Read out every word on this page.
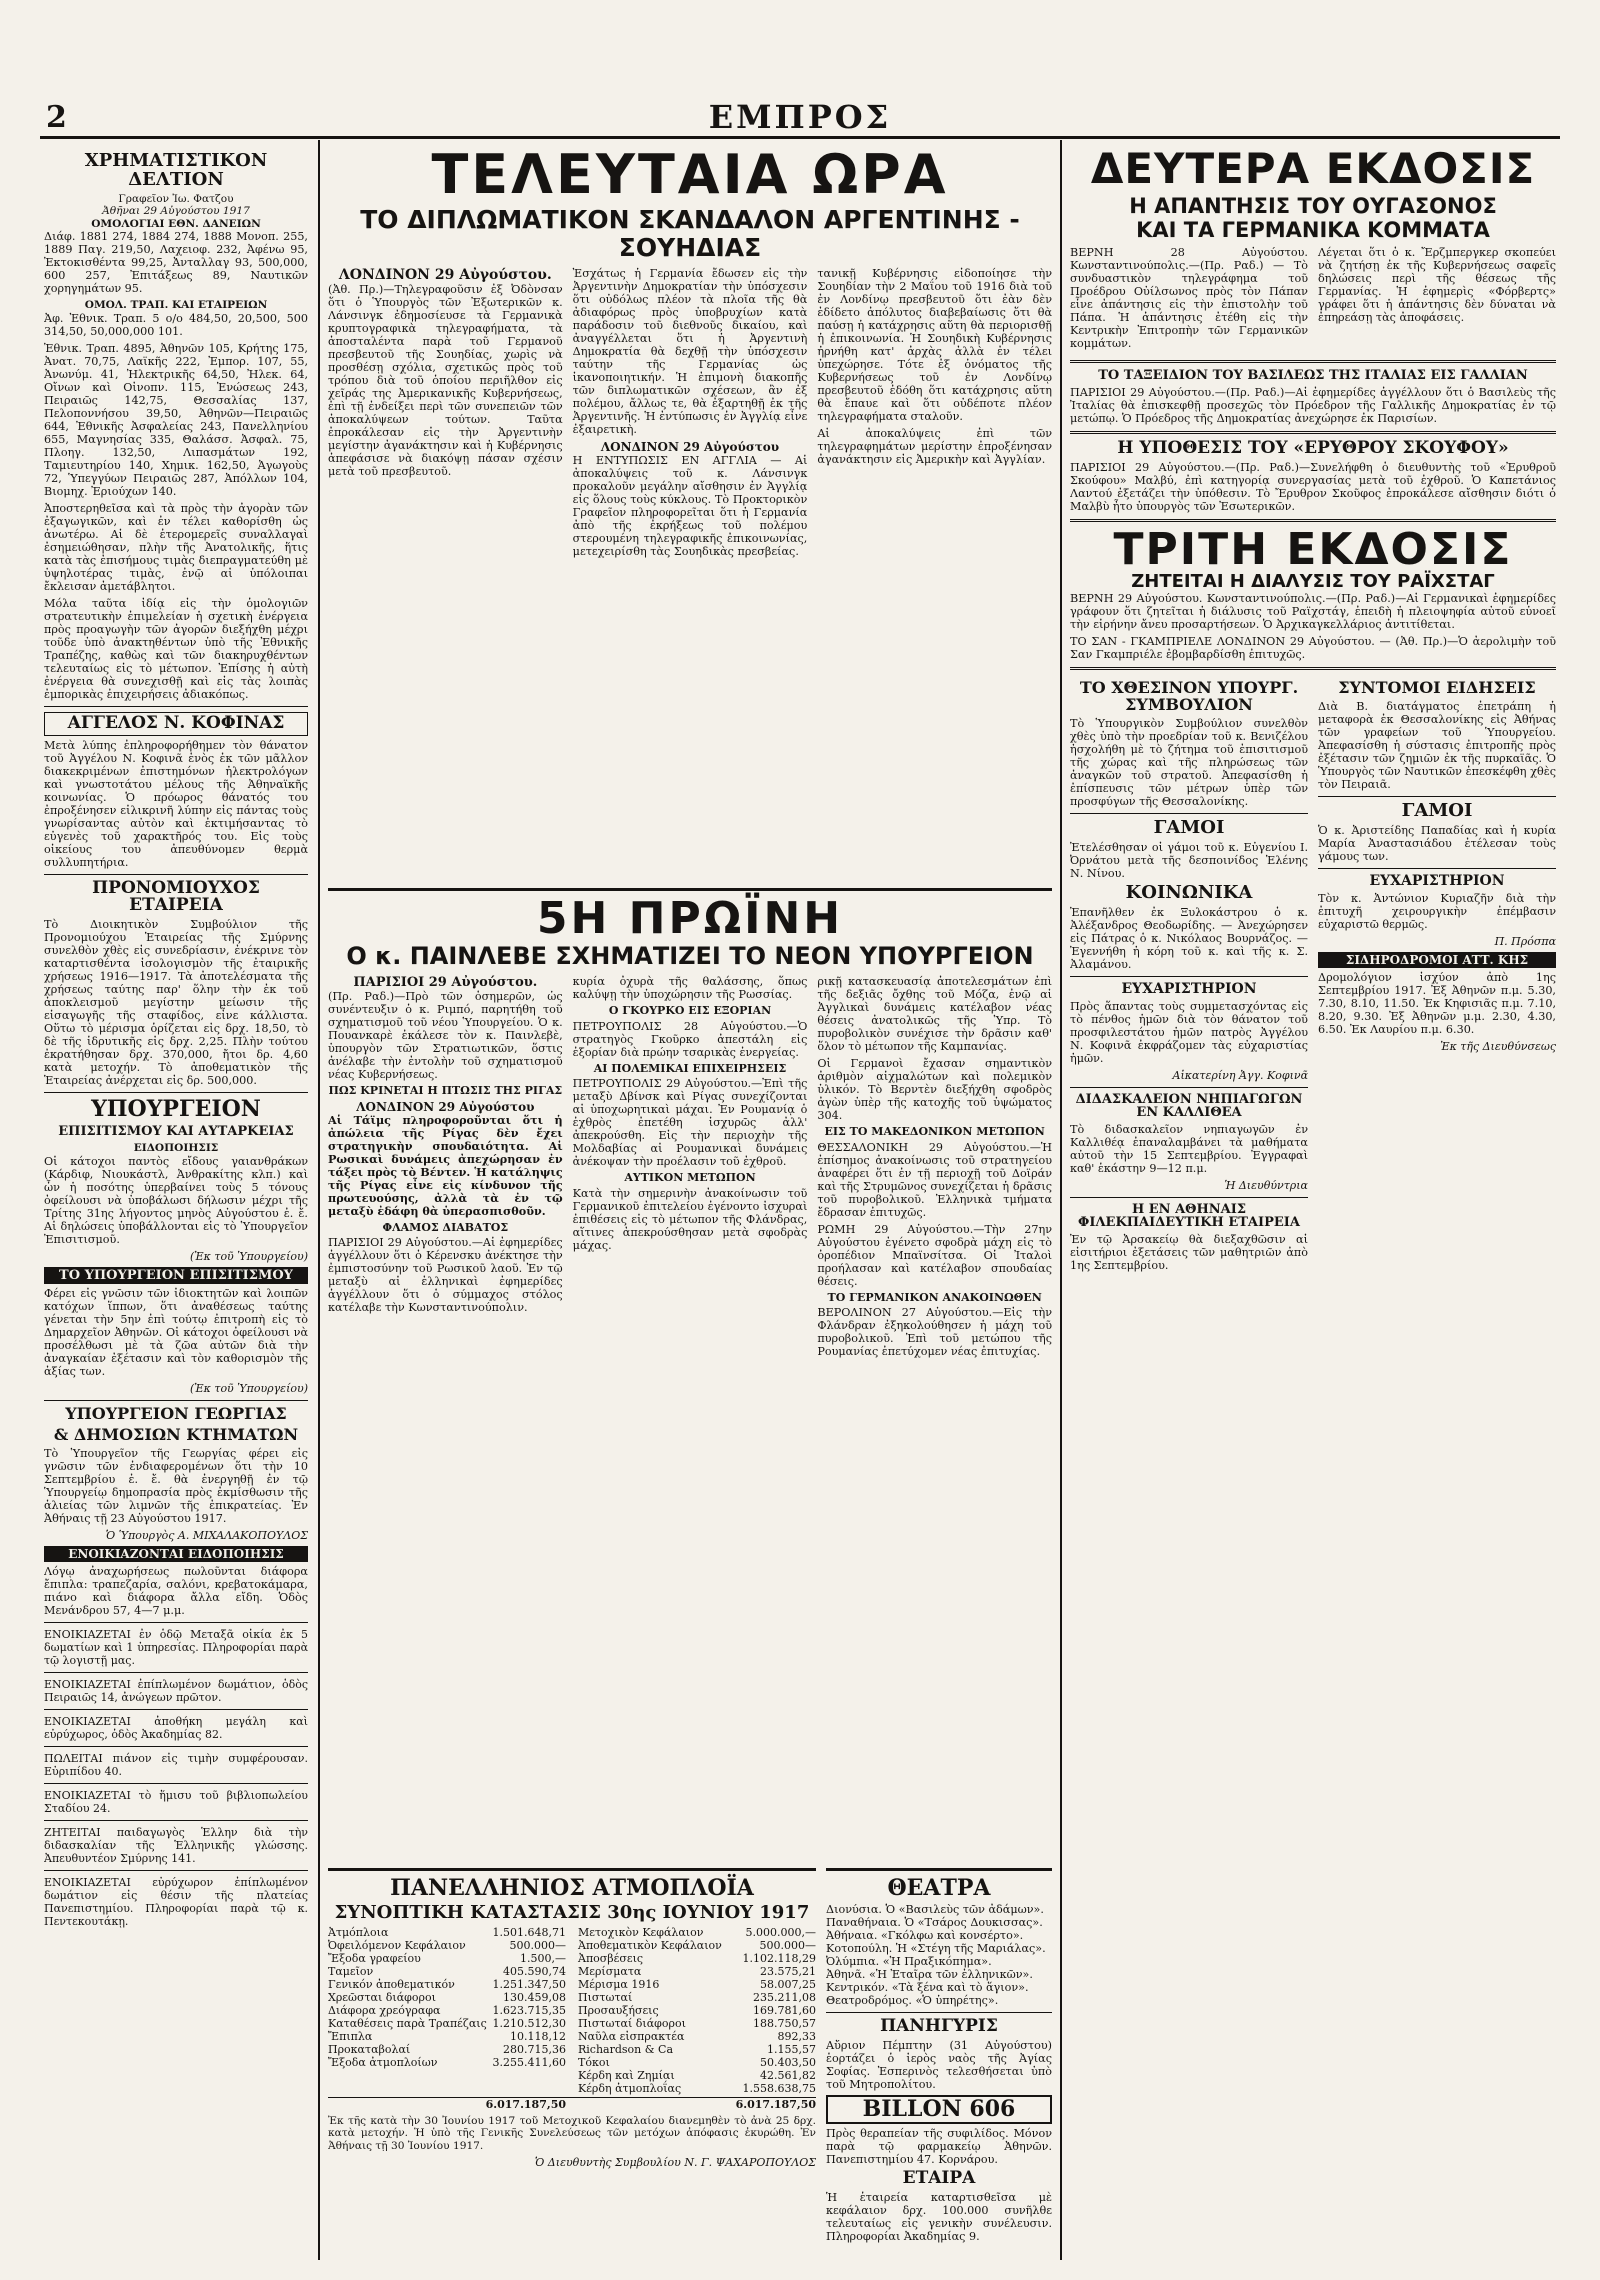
2	ΕΜΠΡΟΣ
ΧΡΗΜΑΤΙΣΤΙΚΟΝ ΔΕΛΤΙΟΝ
Γραφεῖον Ἰω. Φατζου
Ἀθῆναι 29 Αὐγούστου 1917
ΟΜΟΛΟΓΙΑΙ ΕΘΝ. ΔΑΝΕΙΩΝ

Διάφ. 1881 274, 1884 274, 1888 Μονοπ. 255, 1889 Παγ. 219,50, Λαχειοφ. 232, Ἀφένω 95, Ἐκτοκισθέντα 99,25, Ἀνταλλαγ 93, 500,000, 600 257, Ἐπιτάξεως 89, Ναυτικῶν χορηγημάτων 95.

ΟΜΟΛ. ΤΡΑΠ. ΚΑΙ ΕΤΑΙΡΕΙΩΝ

Ἀφ. Ἐθνικ. Τραπ. 5 ο/ο 484,50, 20,500, 500 314,50, 50,000,000 101.

Ἐθνικ. Τραπ. 4895, Ἀθηνῶν 105, Κρήτης 175, Ἀνατ. 70,75, Λαϊκῆς 222, Ἐμπορ. 107, 55, Ἀνωνύμ. 41, Ἠλεκτρικῆς 64,50, Ἠλεκ. 64, Οἴνων καὶ Οἰνοπν. 115, Ἑνώσεως 243, Πειραιῶς 142,75, Θεσσαλίας 137, Πελοποννήσου 39,50, Ἀθηνῶν—Πειραιῶς 644, Ἐθνικῆς Ἀσφαλείας 243, Πανελληνίου 655, Μαγνησίας 335, Θαλάσσ. Ἀσφαλ. 75, Πλοηγ. 132,50, Λιπασμάτων 192, Ταμιευτηρίου 140, Χημικ. 162,50, Ἀγωγοὺς 72, Ὑπεγγύων Πειραιῶς 287, Ἀπόλλων 104, Βιομηχ. Ἐριούχων 140.

Ἀποστερηθεῖσα καὶ τὰ πρὸς τὴν ἀγορὰν τῶν ἐξαγωγικῶν, καὶ ἐν τέλει καθορίσθη ὡς ἀνωτέρω. Αἱ δὲ ἐτερομερεῖς συναλλαγαὶ ἐσημειώθησαν, πλὴν τῆς Ἀνατολικῆς, ἥτις κατὰ τὰς ἐπισήμους τιμὰς διεπραγματεύθη μὲ ὑψηλοτέρας τιμὰς, ἐνῷ αἱ ὑπόλοιπαι ἔκλεισαν ἀμετάβλητοι.

Μόλα ταῦτα ἰδίᾳ εἰς τὴν ὁμολογιῶν στρατευτικὴν ἐπιμελείαν ἡ σχετικὴ ἐνέργεια πρὸς προαγωγὴν τῶν ἀγορῶν διεξήχθη μέχρι τοῦδε ὑπὸ ἀνακτηθέντων ὑπὸ τῆς Ἐθνικῆς Τραπέζης, καθὼς καὶ τῶν διακηρυχθέντων τελευταίως εἰς τὸ μέτωπον. Ἐπίσης ἡ αὐτὴ ἐνέργεια θὰ συνεχισθῇ καὶ εἰς τὰς λοιπὰς ἐμπορικὰς ἐπιχειρήσεις ἀδιακόπως.

ΑΓΓΕΛΟΣ Ν. ΚΟΦΙΝΑΣ

Μετὰ λύπης ἐπληροφορήθημεν τὸν θάνατον τοῦ Ἀγγέλου Ν. Κοφινᾶ ἑνὸς ἐκ τῶν μᾶλλον διακεκριμένων ἐπιστημόνων ἠλεκτρολόγων καὶ γνωστοτάτου μέλους τῆς Ἀθηναϊκῆς κοινωνίας. Ὁ πρόωρος θάνατός του ἐπροξένησεν εἰλικρινῆ λύπην εἰς πάντας τοὺς γνωρίσαντας αὐτὸν καὶ ἐκτιμήσαντας τὸ εὐγενὲς τοῦ χαρακτῆρός του. Εἰς τοὺς οἰκείους του ἀπευθύνομεν θερμὰ συλλυπητήρια.

ΠΡΟΝΟΜΙΟΥΧΟΣ ΕΤΑΙΡΕΙΑ

Τὸ Διοικητικὸν Συμβούλιον τῆς Προνομιούχου Ἑταιρείας τῆς Σμύρνης συνελθὸν χθὲς εἰς συνεδρίασιν, ἐνέκρινε τὸν καταρτισθέντα ἰσολογισμὸν τῆς ἐταιρικῆς χρήσεως 1916—1917. Τὰ ἀποτελέσματα τῆς χρήσεως ταύτης παρ' ὅλην τὴν ἐκ τοῦ ἀποκλεισμοῦ μεγίστην μείωσιν τῆς εἰσαγωγῆς τῆς σταφίδος, εἶνε κάλλιστα. Οὕτω τὸ μέρισμα ὁρίζεται εἰς δρχ. 18,50, τὸ δὲ τῆς ἱδρυτικῆς εἰς δρχ. 2,25. Πλὴν τούτου ἐκρατήθησαν δρχ. 370,000, ἤτοι δρ. 4,60 κατὰ μετοχήν. Τὸ ἀποθεματικὸν τῆς Ἑταιρείας ἀνέρχεται εἰς δρ. 500,000.

ΥΠΟΥΡΓΕΙΟΝ
ΕΠΙΣΙΤΙΣΜΟΥ ΚΑΙ ΑΥΤΑΡΚΕΙΑΣ
ΕΙΔΟΠΟΙΗΣΙΣ

Οἱ κάτοχοι παντὸς εἴδους γαιανθράκων (Κάρδιφ, Νιουκάστλ, Ἀνθρακίτης κλπ.) καὶ ὧν ἡ ποσότης ὑπερβαίνει τοὺς 5 τόνους ὀφείλουσι νὰ ὑποβάλωσι δήλωσιν μέχρι τῆς Τρίτης 31ης λήγοντος μηνὸς Αὐγούστου ἐ. ἔ. Αἱ δηλώσεις ὑποβάλλονται εἰς τὸ Ὑπουργεῖον Ἐπισιτισμοῦ.

(Ἐκ τοῦ Ὑπουργείου)
ΤΟ ΥΠΟΥΡΓΕΙΟΝ ΕΠΙΣΙΤΙΣΜΟΥ

Φέρει εἰς γνῶσιν τῶν ἰδιοκτητῶν καὶ λοιπῶν κατόχων ἵππων, ὅτι ἀναθέσεως ταύτης γένεται τὴν 5ην ἐπὶ τούτῳ ἐπιτροπὴ εἰς τὸ Δημαρχεῖον Ἀθηνῶν. Οἱ κάτοχοι ὀφείλουσι νὰ προσέλθωσι μὲ τὰ ζῶα αὐτῶν διὰ τὴν ἀναγκαίαν ἐξέτασιν καὶ τὸν καθορισμὸν τῆς ἀξίας των.

(Ἐκ τοῦ Ὑπουργείου)
ΥΠΟΥΡΓΕΙΟΝ ΓΕΩΡΓΙΑΣ
& ΔΗΜΟΣΙΩΝ ΚΤΗΜΑΤΩΝ

Τὸ Ὑπουργεῖον τῆς Γεωργίας φέρει εἰς γνῶσιν τῶν ἐνδιαφερομένων ὅτι τὴν 10 Σεπτεμβρίου ἐ. ἔ. θὰ ἐνεργηθῇ ἐν τῷ Ὑπουργείῳ δημοπρασία πρὸς ἐκμίσθωσιν τῆς ἁλιείας τῶν λιμνῶν τῆς ἐπικρατείας. Ἐν Ἀθήναις τῇ 23 Αὐγούστου 1917.

Ὁ Ὑπουργὸς Α. ΜΙΧΑΛΑΚΟΠΟΥΛΟΣ
ΕΝΟΙΚΙΑΖΟΝΤΑΙ ΕΙΔΟΠΟΙΗΣΙΣ

Λόγῳ ἀναχωρήσεως πωλοῦνται διάφορα ἔπιπλα: τραπεζαρία, σαλόνι, κρεβατοκάμαρα, πιάνο καὶ διάφορα ἄλλα εἴδη. Ὁδὸς Μενάνδρου 57, 4—7 μ.μ.

ΕΝΟΙΚΙΑΖΕΤΑΙ ἐν ὁδῷ Μεταξᾶ οἰκία ἐκ 5 δωματίων καὶ 1 ὑπηρεσίας. Πληροφορίαι παρὰ τῷ λογιστῇ μας.

ΕΝΟΙΚΙΑΖΕΤΑΙ ἐπίπλωμένον δωμάτιον, ὁδὸς Πειραιῶς 14, ἀνώγεων πρῶτον.

ΕΝΟΙΚΙΑΖΕΤΑΙ ἀποθήκη μεγάλη καὶ εὐρύχωρος, ὁδὸς Ἀκαδημίας 82.

ΠΩΛΕΙΤΑΙ πιάνον εἰς τιμὴν συμφέρουσαν. Εὐριπίδου 40.

ΕΝΟΙΚΙΑΖΕΤΑΙ τὸ ἥμισυ τοῦ βιβλιοπωλείου Σταδίου 24.

ΖΗΤΕΙΤΑΙ παιδαγωγὸς Ἑλλην διὰ τὴν διδασκαλίαν τῆς Ἑλληνικῆς γλώσσης. Ἀπευθυντέον Σμύρνης 141.

ΕΝΟΙΚΙΑΖΕΤΑΙ εὐρύχωρον ἐπίπλωμένον δωμάτιον εἰς θέσιν τῆς πλατείας Πανεπιστημίου. Πληροφορίαι παρὰ τῷ κ. Πεντεκουτάκῃ.

ΤΕΛΕΥΤΑΙΑ ΩΡΑ
ΤΟ ΔΙΠΛΩΜΑΤΙΚΟΝ ΣΚΑΝΔΑΛΟΝ ΑΡΓΕΝΤΙΝΗΣ - ΣΟΥΗΔΙΑΣ
ΛΟΝΔΙΝΟΝ 29 Αὐγούστου.

(Ἀθ. Πρ.)—Τηλεγραφοῦσιν ἐξ Ὀδὸνσαν ὅτι ὁ Ὑπουργὸς τῶν Ἐξωτερικῶν κ. Λάνσινγκ ἐδημοσίευσε τὰ Γερμανικὰ κρυπτογραφικὰ τηλεγραφήματα, τὰ ἀποσταλέντα παρὰ τοῦ Γερμανοῦ πρεσβευτοῦ τῆς Σουηδίας, χωρὶς νὰ προσθέσῃ σχόλια, σχετικῶς πρὸς τοῦ τρόπου διὰ τοῦ ὁποίου περιῆλθον εἰς χεῖράς της Ἀμερικανικῆς Κυβερνήσεως, ἐπὶ τῇ ἐνδείξει περὶ τῶν συνεπειῶν τῶν ἀποκαλύψεων τούτων. Ταῦτα ἐπροκάλεσαν εἰς τὴν Ἀργεντινὴν μεγίστην ἀγανάκτησιν καὶ ἡ Κυβέρνησις ἀπεφάσισε νὰ διακόψῃ πάσαν σχέσιν μετὰ τοῦ πρεσβευτοῦ.

Ἐσχάτως ἡ Γερμανία ἔδωσεν εἰς τὴν Ἀργεντινὴν Δημοκρατίαν τὴν ὑπόσχεσιν ὅτι οὐδόλως πλέον τὰ πλοῖα τῆς θὰ ἀδιαφόρως πρὸς ὑποβρυχίων κατὰ παράδοσιν τοῦ διεθνοῦς δικαίου, καὶ ἀναγγέλλεται ὅτι ἡ Ἀργεντινὴ Δημοκρατία θὰ δεχθῇ τὴν ὑπόσχεσιν ταύτην τῆς Γερμανίας ὡς ἱκανοποιητικήν. Ἡ ἐπιμονὴ διακοπῆς τῶν διπλωματικῶν σχέσεων, ἂν ἐξ πολέμου, ἄλλως τε, θὰ ἐξαρτηθῇ ἐκ τῆς Ἀργεντινῆς. Ἡ ἐντύπωσις ἐν Ἀγγλίᾳ εἶνε ἐξαιρετικὴ.

ΛΟΝΔΙΝΟΝ 29 Αὐγούστου

Η ΕΝΤΥΠΩΣΙΣ ΕΝ ΑΓΓΛΙΑ — Αἱ ἀποκαλύψεις τοῦ κ. Λάνσινγκ προκαλοῦν μεγάλην αἴσθησιν ἐν Ἀγγλίᾳ εἰς ὅλους τοὺς κύκλους. Τὸ Προκτορικὸν Γραφεῖον πληροφορεῖται ὅτι ἡ Γερμανία ἀπὸ τῆς ἐκρήξεως τοῦ πολέμου στερουμένη τηλεγραφικῆς ἐπικοινωνίας, μετεχειρίσθη τὰς Σουηδικὰς πρεσβείας.

τανικῇ Κυβέρνησις εἰδοποίησε τὴν Σουηδίαν τὴν 2 Μαΐου τοῦ 1916 διὰ τοῦ ἐν Λονδίνῳ πρεσβευτοῦ ὅτι ἐὰν δὲν ἐδίδετο ἀπόλυτος διαβεβαίωσις ὅτι θὰ παύσῃ ἡ κατάχρησις αὕτη θὰ περιορισθῇ ἡ ἐπικοινωνία. Ἡ Σουηδικὴ Κυβέρνησις ἠρνήθη κατ' ἀρχὰς ἀλλὰ ἐν τέλει ὑπεχώρησε. Τότε ἐξ ὀνόματος τῆς Κυβερνήσεως τοῦ ἐν Λονδίνῳ πρεσβευτοῦ ἐδόθη ὅτι κατάχρησις αὕτη θὰ ἔπαυε καὶ ὅτι οὐδέποτε πλέον τηλεγραφήματα σταλοῦν.

Αἱ ἀποκαλύψεις ἐπὶ τῶν τηλεγραφημάτων μερίστην ἐπροξένησαν ἀγανάκτησιν εἰς Ἀμερικὴν καὶ Ἀγγλίαν.

5Η ΠΡΩΪΝΗ
Ο κ. ΠΑΙΝΛΕΒΕ ΣΧΗΜΑΤΙΖΕΙ ΤΟ ΝΕΟΝ ΥΠΟΥΡΓΕΙΟΝ
ΠΑΡΙΣΙΟΙ 29 Αὐγούστου.

(Πρ. Ραδ.)—Πρὸ τῶν ὁσημερῶν, ὡς συνέντευξιν ὁ κ. Ριμπό, παρητήθη τοῦ σχηματισμοῦ τοῦ νέου Ὑπουργείου. Ὁ κ. Πουανκαρὲ ἐκάλεσε τὸν κ. Παινλεβὲ, ὑπουργὸν τῶν Στρατιωτικῶν, ὅστις ἀνέλαβε τὴν ἐντολὴν τοῦ σχηματισμοῦ νέας Κυβερνήσεως.

ΠΩΣ ΚΡΙΝΕΤΑΙ Η ΠΤΩΣΙΣ ΤΗΣ ΡΙΓΑΣ
ΛΟΝΔΙΝΟΝ 29 Αὐγούστου

Αἱ Τάϊμς πληροφοροῦνται ὅτι ἡ ἀπώλεια τῆς Ρίγας δὲν ἔχει στρατηγικὴν σπουδαιότητα. Αἱ Ρωσικαὶ δυνάμεις ἀπεχώρησαν ἐν τάξει πρὸς τὸ Βέντεν. Ἡ κατάληψις τῆς Ρίγας εἶνε εἰς κίνδυνον τῆς πρωτευούσης, ἀλλὰ τὰ ἐν τῷ μεταξὺ ἐδάφη θὰ ὑπερασπισθοῦν.

ΦΛΑΜΟΣ ΔΙΑΒΑΤΟΣ

ΠΑΡΙΣΙΟΙ 29 Αὐγούστου.—Αἱ ἐφημερίδες ἀγγέλλουν ὅτι ὁ Κέρενσκυ ἀνέκτησε τὴν ἐμπιστοσύνην τοῦ Ρωσικοῦ λαοῦ. Ἐν τῷ μεταξὺ αἱ ἑλληνικαὶ ἐφημερίδες ἀγγέλλουν ὅτι ὁ σύμμαχος στόλος κατέλαβε τὴν Κωνσταντινούπολιν.

κυρία ὀχυρὰ τῆς θαλάσσης, ὅπως καλύψῃ τὴν ὑποχώρησιν τῆς Ρωσσίας.

Ο ΓΚΟΥΡΚΟ ΕΙΣ ΕΞΟΡΙΑΝ

ΠΕΤΡΟΥΠΟΛΙΣ 28 Αὐγούστου.—Ὁ στρατηγὸς Γκοῦρκο ἀπεστάλη εἰς ἐξορίαν διὰ πρώην τσαρικὰς ἐνεργείας.

ΑΙ ΠΟΛΕΜΙΚΑΙ ΕΠΙΧΕΙΡΗΣΕΙΣ

ΠΕΤΡΟΥΠΟΛΙΣ 29 Αὐγούστου.—Ἐπὶ τῆς μεταξὺ Δβίνσκ καὶ Ρίγας συνεχίζονται αἱ ὑποχωρητικαὶ μάχαι. Ἐν Ρουμανίᾳ ὁ ἐχθρὸς ἐπετέθη ἰσχυρῶς ἀλλ' ἀπεκρούσθη. Εἰς τὴν περιοχὴν τῆς Μολδαβίας αἱ Ρουμανικαὶ δυνάμεις ἀνέκοψαν τὴν προέλασιν τοῦ ἐχθροῦ.

ΑΥΤΙΚΟΝ ΜΕΤΩΠΟΝ

Κατὰ τὴν σημερινὴν ἀνακοίνωσιν τοῦ Γερμανικοῦ ἐπιτελείου ἐγένοντο ἰσχυραὶ ἐπιθέσεις εἰς τὸ μέτωπον τῆς Φλάνδρας, αἵτινες ἀπεκρούσθησαν μετὰ σφοδρὰς μάχας.

ρικῇ κατασκευασίᾳ ἀποτελεσμάτων ἐπὶ τῆς δεξιᾶς ὄχθης τοῦ Μόζα, ἐνῷ αἱ Ἀγγλικαὶ δυνάμεις κατέλαβον νέας θέσεις ἀνατολικῶς τῆς Ὑπρ. Τὸ πυροβολικὸν συνέχισε τὴν δρᾶσιν καθ' ὅλον τὸ μέτωπον τῆς Καμπανίας.

Οἱ Γερμανοὶ ἔχασαν σημαντικὸν ἀριθμὸν αἰχμαλώτων καὶ πολεμικὸν ὑλικόν. Τὸ Βερντὲν διεξήχθη σφοδρὸς ἀγὼν ὑπὲρ τῆς κατοχῆς τοῦ ὑψώματος 304.

ΕΙΣ ΤΟ ΜΑΚΕΔΟΝΙΚΟΝ ΜΕΤΩΠΟΝ

ΘΕΣΣΑΛΟΝΙΚΗ 29 Αὐγούστου.—Ἡ ἐπίσημος ἀνακοίνωσις τοῦ στρατηγείου ἀναφέρει ὅτι ἐν τῇ περιοχῇ τοῦ Δοϊράν καὶ τῆς Στρυμῶνος συνεχίζεται ἡ δρᾶσις τοῦ πυροβολικοῦ. Ἐλληνικὰ τμήματα ἔδρασαν ἐπιτυχῶς.

ΡΩΜΗ 29 Αὐγούστου.—Τὴν 27ην Αὐγούστου ἐγένετο σφοδρὰ μάχη εἰς τὸ ὀροπέδιον Μπαϊνσίτσα. Οἱ Ἰταλοὶ προήλασαν καὶ κατέλαβον σπουδαίας θέσεις.

ΤΟ ΓΕΡΜΑΝΙΚΟΝ ΑΝΑΚΟΙΝΩΘΕΝ

ΒΕΡΟΛΙΝΟΝ 27 Αὐγούστου.—Εἰς τὴν Φλάνδραν ἐξηκολούθησεν ἡ μάχη τοῦ πυροβολικοῦ. Ἐπὶ τοῦ μετώπου τῆς Ρουμανίας ἐπετύχομεν νέας ἐπιτυχίας.

ΠΑΝΕΛΛΗΝΙΟΣ ΑΤΜΟΠΛΟΪΑ
ΣΥΝΟΠΤΙΚΗ ΚΑΤΑΣΤΑΣΙΣ 30ης ΙΟΥΝΙΟΥ 1917
Ἀτμόπλοια	1.501.648,71
Ὀφειλόμενον Κεφάλαιον	500.000—
Ἔξοδα γραφείου	1.500,—
Ταμεῖον	405.590,74
Γενικόν ἀποθεματικόν	1.251.347,50
Χρεῶσται διάφοροι	130.459,08
Διάφορα χρεόγραφα	1.623.715,35
Καταθέσεις παρὰ Τραπέζαις 1.210.512,30
Ἔπιπλα	10.118,12
Προκαταβολαί	280.715,36
Ἔξοδα ἀτμοπλοίων	3.255.411,60
Μετοχικὸν Κεφάλαιον	5.000.000,—
Ἀποθεματικὸν Κεφάλαιον	500.000—
Ἀποσβέσεις	1.102.118,29
Μερίσματα	23.575,21
Μέρισμα 1916	58.007,25
Πιστωταί	235.211,08
Προσαυξήσεις	169.781,60
Πιστωταί διάφοροι	188.750,57
Ναῦλα εἰσπρακτέα	892,33
Richardson & Ca	1.155,57
Τόκοι	50.403,50
Κέρδη καὶ Ζημίαι	42.561,82
Κέρδη ἀτμοπλοΐας	1.558.638,75
6.017.187,50	6.017.187,50

Ἐκ τῆς κατὰ τὴν 30 Ἰουνίου 1917 τοῦ Μετοχικοῦ Κεφαλαίου διανεμηθὲν τὸ ἀνὰ 25 δρχ. κατὰ μετοχήν. Ἡ ὑπὸ τῆς Γενικῆς Συνελεύσεως τῶν μετόχων ἀπόφασις ἐκυρώθη. Ἐν Ἀθήναις τῇ 30 Ἰουνίου 1917.

Ὁ Διευθυντὴς Συμβουλίου Ν. Γ. ΨΑΧΑΡΟΠΟΥΛΟΣ
ΘΕΑΤΡΑ

Διονύσια. Ὁ «Βασιλεὺς τῶν ἀδάμων».

Παναθήναια. Ὁ «Τσάρος Δουκισσας».

Ἀθήναια. «Γκόλφω καὶ κονσέρτο».

Κοτοπούλη. Ἡ «Στέγη τῆς Μαριάλας».

Ὀλύμπια. «Ἡ Πραξικόπημα».

Ἀθηνᾶ. «Ἡ Ἐταῖρα τῶν ἑλληνικῶν».

Κεντρικόν. «Τὰ ξένα καὶ τὸ ἅγιον».

Θεατροδρόμος. «Ὁ ὑπηρέτης».

ΠΑΝΗΓΥΡΙΣ

Αὔριον Πέμπτην (31 Αὐγούστου) ἑορτάζει ὁ ἱερὸς ναὸς τῆς Ἀγίας Σοφίας. Ἑσπερινὸς τελεσθήσεται ὑπὸ τοῦ Μητροπολίτου.

BILLON 606

Πρὸς θεραπείαν τῆς συφιλίδος. Μόνον παρὰ τῷ φαρμακείῳ Ἀθηνῶν. Πανεπιστημίου 47. Κορνάρου.

ΕΤΑΙΡΑ

Ἡ ἑταιρεία καταρτισθεῖσα μὲ κεφάλαιον δρχ. 100.000 συνῆλθε τελευταίως εἰς γενικὴν συνέλευσιν. Πληροφορίαι Ἀκαδημίας 9.

ΔΕΥΤΕΡΑ ΕΚΔΟΣΙΣ
Η ΑΠΑΝΤΗΣΙΣ ΤΟΥ ΟΥΓΑΣΟΝΟΣ
ΚΑΙ ΤΑ ΓΕΡΜΑΝΙΚΑ ΚΟΜΜΑΤΑ

ΒΕΡΝΗ 28 Αὐγούστου. Κωνσταντινούπολις.—(Πρ. Ραδ.) — Τὸ συνδυαστικὸν τηλεγράφημα τοῦ Προέδρου Οὐίλσωνος πρὸς τὸν Πάπαν εἶνε ἀπάντησις εἰς τὴν ἐπιστολὴν τοῦ Πάπα. Ἡ ἀπάντησις ἐτέθη εἰς τὴν Κεντρικὴν Ἐπιτροπὴν τῶν Γερμανικῶν κομμάτων.

Λέγεται ὅτι ὁ κ. Ἔρζμπεργκερ σκοπεύει νὰ ζητήσῃ ἐκ τῆς Κυβερνήσεως σαφεῖς δηλώσεις περὶ τῆς θέσεως τῆς Γερμανίας. Ἡ ἐφημερὶς «Φόρβερτς» γράφει ὅτι ἡ ἀπάντησις δὲν δύναται νὰ ἐπηρεάσῃ τὰς ἀποφάσεις.

ΤΟ ΤΑΞΕΙΔΙΟΝ ΤΟΥ ΒΑΣΙΛΕΩΣ ΤΗΣ ΙΤΑΛΙΑΣ ΕΙΣ ΓΑΛΛΙΑΝ

ΠΑΡΙΣΙΟΙ 29 Αὐγούστου.—(Πρ. Ραδ.)—Αἱ ἐφημερίδες ἀγγέλλουν ὅτι ὁ Βασιλεὺς τῆς Ἰταλίας θὰ ἐπισκεφθῇ προσεχῶς τὸν Πρόεδρον τῆς Γαλλικῆς Δημοκρατίας ἐν τῷ μετώπῳ. Ὁ Πρόεδρος τῆς Δημοκρατίας ἀνεχώρησε ἐκ Παρισίων.

Η ΥΠΟΘΕΣΙΣ ΤΟΥ «ΕΡΥΘΡΟΥ ΣΚΟΥΦΟΥ»

ΠΑΡΙΣΙΟΙ 29 Αὐγούστου.—(Πρ. Ραδ.)—Συνελήφθη ὁ διευθυντὴς τοῦ «Ἐρυθροῦ Σκούφου» Μαλβύ, ἐπὶ κατηγορίᾳ συνεργασίας μετὰ τοῦ ἐχθροῦ. Ὁ Καπετάνιος Λαντού ἐξετάζει τὴν ὑπόθεσιν. Τὸ Ἔρυθρον Σκοῦφος ἐπροκάλεσε αἴσθησιν διότι ὁ Μαλβὺ ἦτο ὑπουργὸς τῶν Ἐσωτερικῶν.

ΤΡΙΤΗ ΕΚΔΟΣΙΣ
ΖΗΤΕΙΤΑΙ Η ΔΙΑΛΥΣΙΣ ΤΟΥ ΡΑΪΧΣΤΑΓ

ΒΕΡΝΗ 29 Αὐγούστου. Κωνσταντινούπολις.—(Πρ. Ραδ.)—Αἱ Γερμανικαὶ ἐφημερίδες γράφουν ὅτι ζητεῖται ἡ διάλυσις τοῦ Ραϊχστάγ, ἐπειδὴ ἡ πλειοψηφία αὐτοῦ εὐνοεῖ τὴν εἰρήνην ἄνευ προσαρτήσεων. Ὁ Ἀρχικαγκελλάριος ἀντιτίθεται.

ΤΟ ΣΑΝ - ΓΚΑΜΠΡΙΕΛΕ ΛΟΝΔΙΝΟΝ 29 Αὐγούστου. — (Ἀθ. Πρ.)—Ὁ ἀερολιμὴν τοῦ Σαν Γκαμπριέλε ἐβομβαρδίσθη ἐπιτυχῶς.

ΤΟ ΧΘΕΣΙΝΟΝ ΥΠΟΥΡΓ. ΣΥΜΒΟΥΛΙΟΝ

Τὸ Ὑπουργικὸν Συμβούλιον συνελθὸν χθὲς ὑπὸ τὴν προεδρίαν τοῦ κ. Βενιζέλου ἠσχολήθη μὲ τὸ ζήτημα τοῦ ἐπισιτισμοῦ τῆς χώρας καὶ τῆς πληρώσεως τῶν ἀναγκῶν τοῦ στρατοῦ. Ἀπεφασίσθη ἡ ἐπίσπευσις τῶν μέτρων ὑπὲρ τῶν προσφύγων τῆς Θεσσαλονίκης.

ΓΑΜΟΙ

Ἐτελέσθησαν οἱ γάμοι τοῦ κ. Εὐγενίου Ι. Ὀρνάτου μετὰ τῆς δεσποινίδος Ἑλένης Ν. Νίνου.

ΚΟΙΝΩΝΙΚΑ

Ἐπανῆλθεν ἐκ Ξυλοκάστρου ὁ κ. Ἀλέξανδρος Θεοδωρίδης. — Ἀνεχώρησεν εἰς Πάτρας ὁ κ. Νικόλαος Βουρνάζος. — Ἐγεννήθη ἡ κόρη τοῦ κ. καὶ τῆς κ. Σ. Ἀλαμάνου.

ΕΥΧΑΡΙΣΤΗΡΙΟΝ

Πρὸς ἅπαντας τοὺς συμμετασχόντας εἰς τὸ πένθος ἡμῶν διὰ τὸν θάνατον τοῦ προσφιλεστάτου ἡμῶν πατρὸς Ἀγγέλου Ν. Κοφινᾶ ἐκφράζομεν τὰς εὐχαριστίας ἡμῶν.

Αἰκατερίνη Ἀγγ. Κοφινᾶ
ΔΙΔΑΣΚΑΛΕΙΟΝ ΝΗΠΙΑΓΩΓΩΝ ΕΝ ΚΑΛΛΙΘΕΑ

Τὸ διδασκαλεῖον νηπιαγωγῶν ἐν Καλλιθέᾳ ἐπαναλαμβάνει τὰ μαθήματα αὐτοῦ τὴν 15 Σεπτεμβρίου. Ἐγγραφαὶ καθ' ἑκάστην 9—12 π.μ.

Ἡ Διευθύντρια
Η ΕΝ ΑΘΗΝΑΙΣ ΦΙΛΕΚΠΑΙΔΕΥΤΙΚΗ ΕΤΑΙΡΕΙΑ

Ἐν τῷ Ἀρσακείῳ θὰ διεξαχθῶσιν αἱ εἰσιτήριοι ἐξετάσεις τῶν μαθητριῶν ἀπὸ 1ης Σεπτεμβρίου.

ΣΥΝΤΟΜΟΙ ΕΙΔΗΣΕΙΣ

Διὰ Β. διατάγματος ἐπετράπη ἡ μεταφορὰ ἐκ Θεσσαλονίκης εἰς Ἀθήνας τῶν γραφείων τοῦ Ὑπουργείου. Ἀπεφασίσθη ἡ σύστασις ἐπιτροπῆς πρὸς ἐξέτασιν τῶν ζημιῶν ἐκ τῆς πυρκαϊᾶς. Ὁ Ὑπουργὸς τῶν Ναυτικῶν ἐπεσκέφθη χθὲς τὸν Πειραιᾶ.

ΓΑΜΟΙ

Ὁ κ. Ἀριστείδης Παπαδίας καὶ ἡ κυρία Μαρία Ἀναστασιάδου ἐτέλεσαν τοὺς γάμους των.

ΕΥΧΑΡΙΣΤΗΡΙΟΝ

Τὸν κ. Ἀντώνιον Κυριαζῆν διὰ τὴν ἐπιτυχῆ χειρουργικὴν ἐπέμβασιν εὐχαριστῶ θερμῶς.

Π. Πρόσπα
ΣΙΔΗΡΟΔΡΟΜΟΙ ΑΤΤ. ΚΗΣ

Δρομολόγιον ἰσχύον ἀπὸ 1ης Σεπτεμβρίου 1917. Ἐξ Ἀθηνῶν π.μ. 5.30, 7.30, 8.10, 11.50. Ἐκ Κηφισιᾶς π.μ. 7.10, 8.20, 9.30. Ἐξ Ἀθηνῶν μ.μ. 2.30, 4.30, 6.50. Ἐκ Λαυρίου π.μ. 6.30.

Ἐκ τῆς Διευθύνσεως
